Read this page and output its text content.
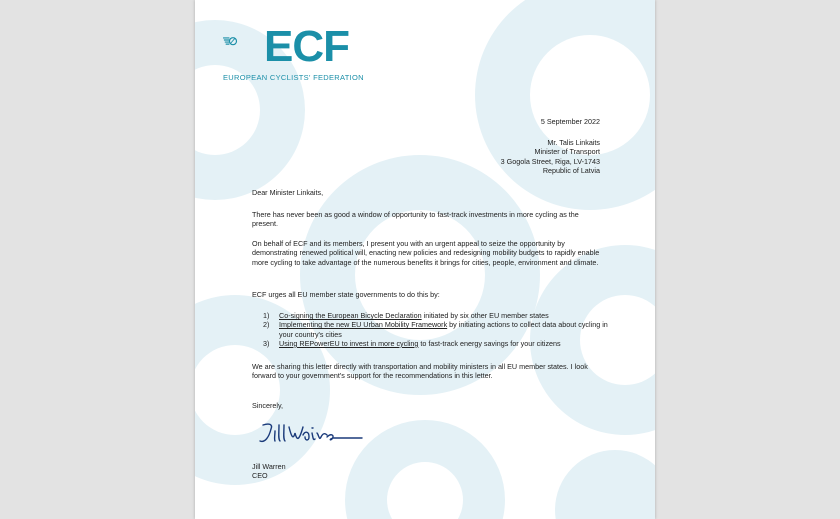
ECF
EUROPEAN CYCLISTS' FEDERATION
5 September 2022
Mr. Talis Linkaits
Minister of Transport
3 Gogola Street, Riga, LV-1743
Republic of Latvia

Dear Minister Linkaits,

There has never been as good a window of opportunity to fast-track investments in more cycling as the present.

On behalf of ECF and its members, I present you with an urgent appeal to seize the opportunity by demonstrating renewed political will, enacting new policies and redesigning mobility budgets to rapidly enable more cycling to take advantage of the numerous benefits it brings for cities, people, environment and climate.

ECF urges all EU member state governments to do this by:

1) Co-signing the European Bicycle Declaration initiated by six other EU member states
2) Implementing the new EU Urban Mobility Framework by initiating actions to collect data about cycling in your country's cities
3) Using REPowerEU to invest in more cycling to fast-track energy savings for your citizens

We are sharing this letter directly with transportation and mobility ministers in all EU member states. I look forward to your government's support for the recommendations in this letter.

Sincerely,

Jill Warren

CEO
